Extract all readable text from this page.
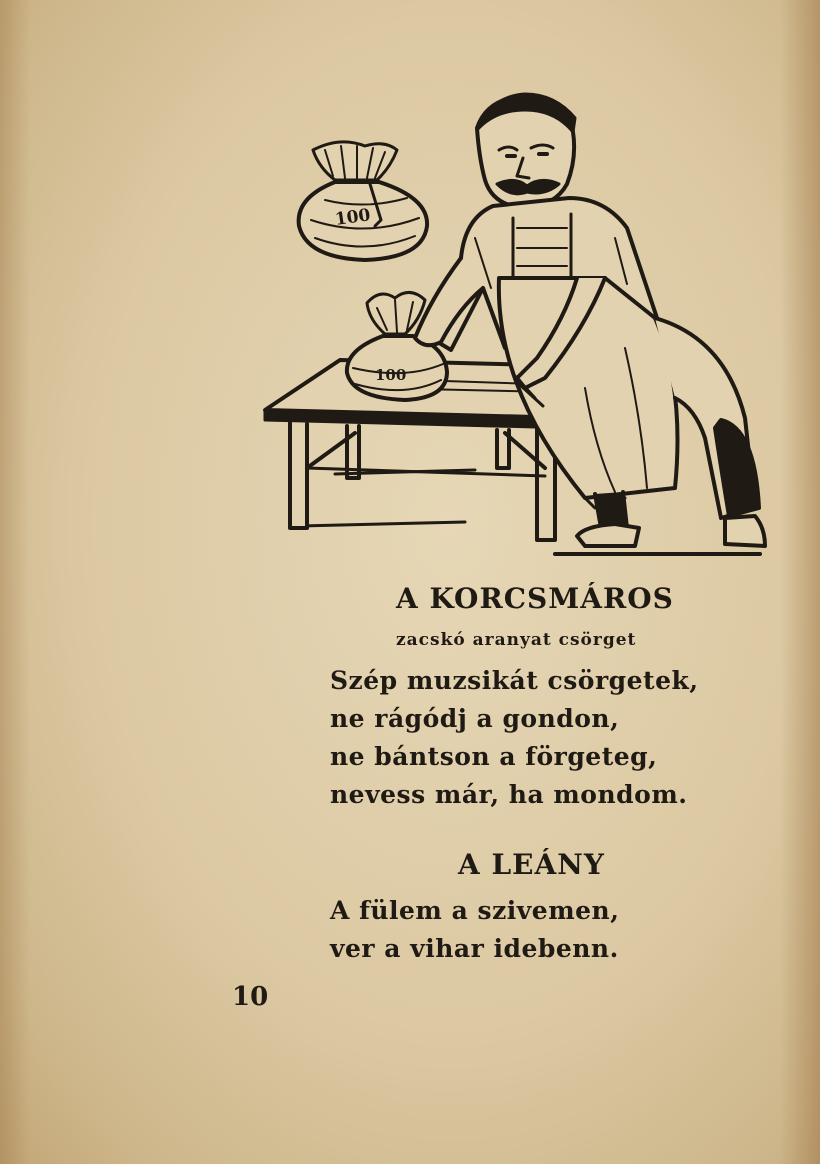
100
100
A KORCSMÁROS
zacskó aranyat csörget
Szép muzsikát csörgetek,
ne rágódj a gondon,
ne bántson a förgeteg,
nevess már, ha mondom.
A LEÁNY
A fülem a szivemen,
ver a vihar idebenn.
10
